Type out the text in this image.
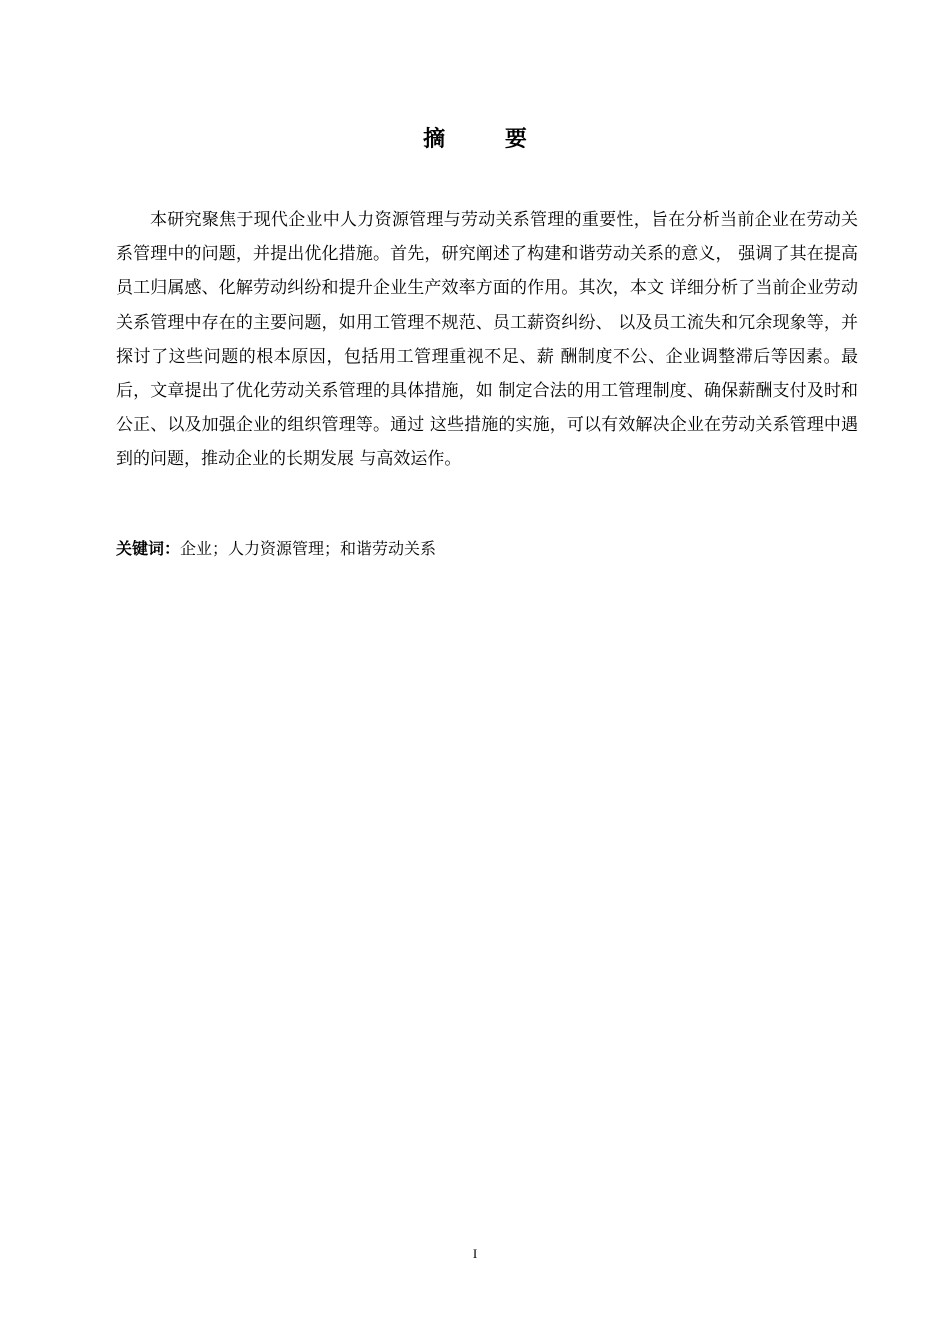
摘 要

本研究聚焦于现代企业中人力资源管理与劳动关系管理的重要性，旨在分析当前企业在劳动关系管理中的问题，并提出优化措施。首先，研究阐述了构建和谐劳动关系的意义， 强调了其在提高员工归属感、化解劳动纠纷和提升企业生产效率方面的作用。其次，本文 详细分析了当前企业劳动关系管理中存在的主要问题，如用工管理不规范、员工薪资纠纷、 以及员工流失和冗余现象等，并探讨了这些问题的根本原因，包括用工管理重视不足、薪 酬制度不公、企业调整滞后等因素。最后，文章提出了优化劳动关系管理的具体措施，如 制定合法的用工管理制度、确保薪酬支付及时和公正、以及加强企业的组织管理等。通过 这些措施的实施，可以有效解决企业在劳动关系管理中遇到的问题，推动企业的长期发展 与高效运作。

关键词：企业；人力资源管理；和谐劳动关系

I
